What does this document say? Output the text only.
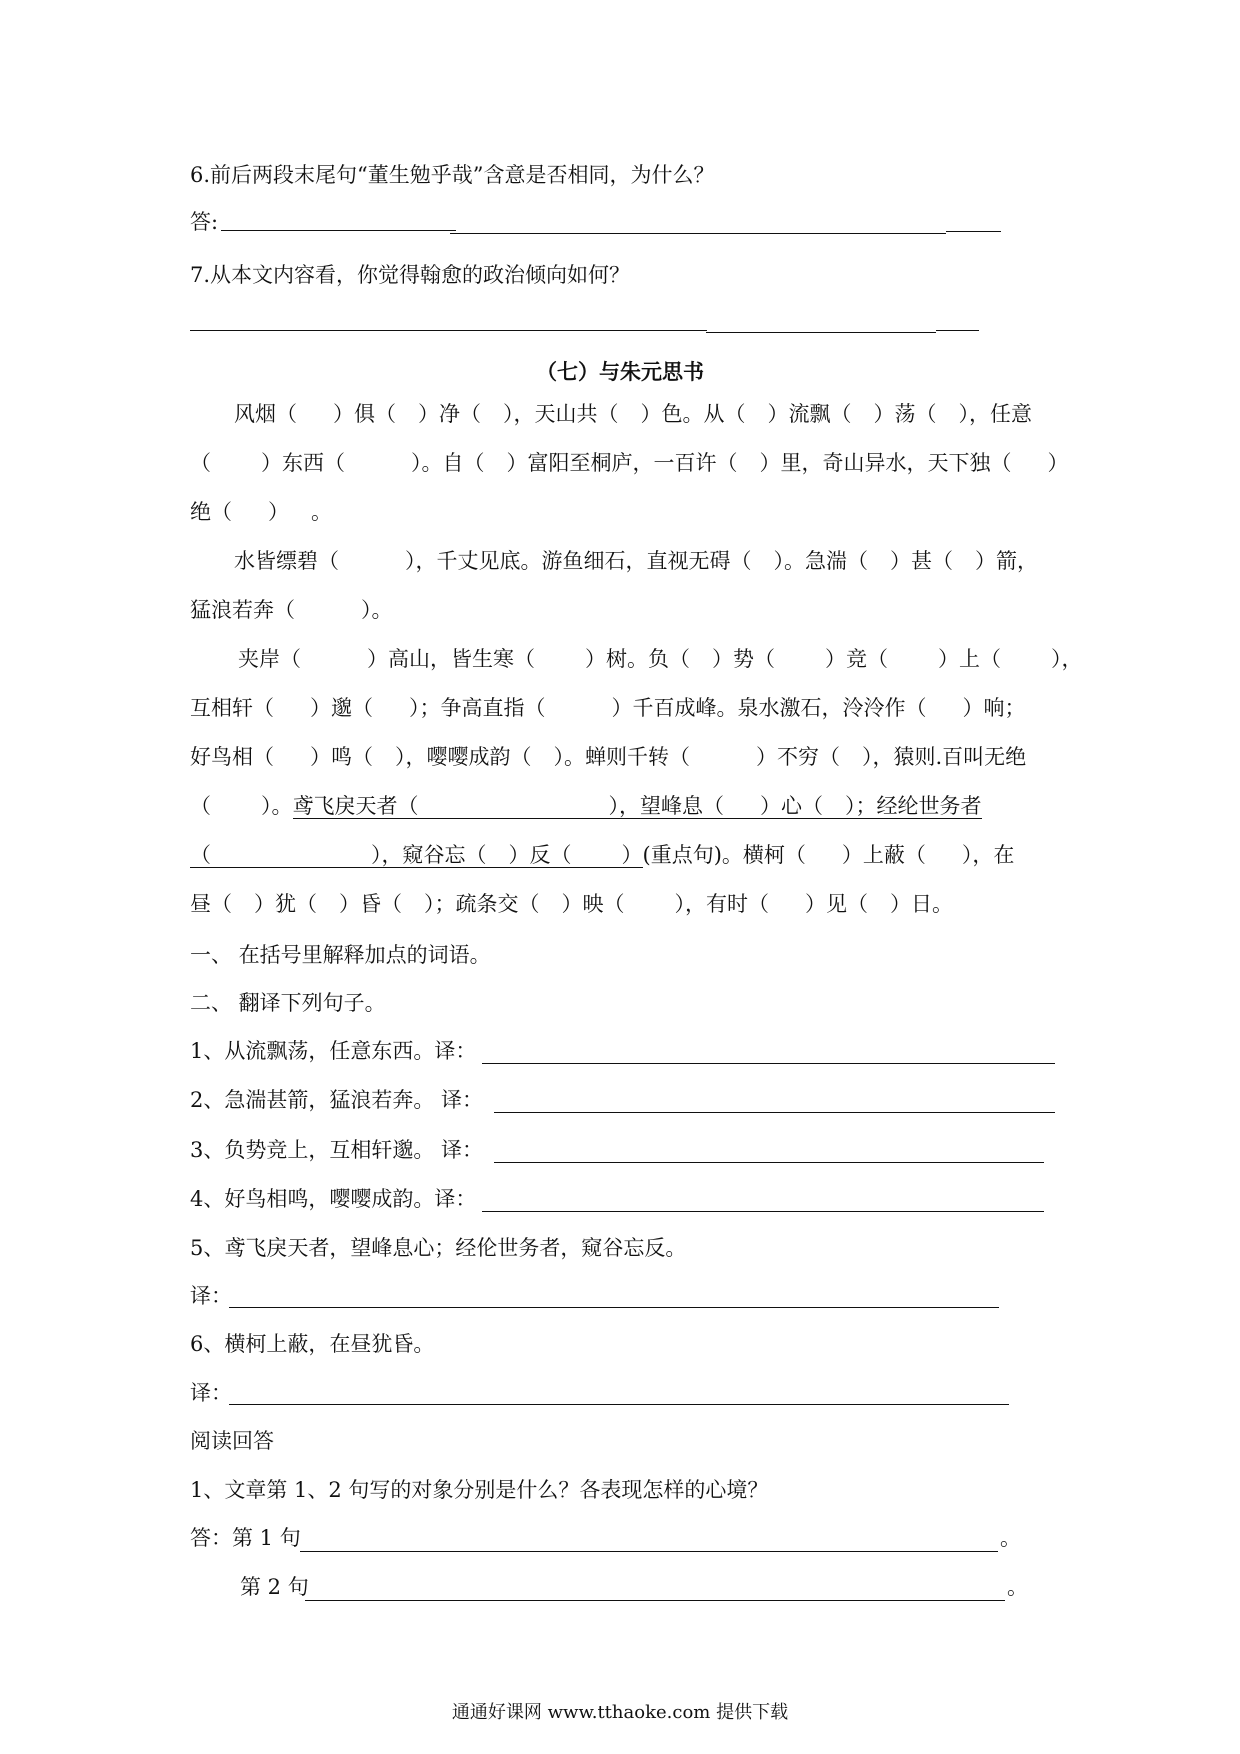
6.前后两段末尾句“董生勉乎哉”含意是否相同，为什么？
答:
7.从本文内容看，你觉得翰愈的政治倾向如何？
（七）与朱元思书
风烟（ ）俱（ ）净（ ），天山共（ ）色。从（ ）流飘（ ）荡（ ），任意
（ ）东西（	）。自（ ）富阳至桐庐，一百许（ ）里，奇山异水，天下独（ ）
绝（ ） 。
水皆缥碧（	），千丈见底。游鱼细石，直视无碍（ ）。急湍（ ）甚（ ）箭，
猛浪若奔（	）。
夹岸（	）高山，皆生寒（ ）树。负（ ）势（ ）竞（ ）上（ ），
互相轩（ ）邈（ ）；争高直指（	）千百成峰。泉水激石，泠泠作（ ）响；
好鸟相（ ）鸣（ ），嘤嘤成韵（ ）。蝉则千转（	）不穷（ ），猿则.百叫无绝
（ ）。鸢飞戾天者（	），望峰息（ ）心（ ）；经纶世务者
（	），窥谷忘（ ）反（ ）(重点句)。横柯（ ）上蔽（ ），在
昼（ ）犹（ ）昏（ ）；疏条交（ ）映（ ），有时（ ）见（ ）日。
一、 在括号里解释加点的词语。
二、 翻译下列句子。
1、从流飘荡，任意东西。译：
2、急湍甚箭，猛浪若奔。 译：
3、负势竞上，互相轩邈。 译：
4、好鸟相鸣，嘤嘤成韵。译：
5、鸢飞戾天者，望峰息心；经伦世务者，窥谷忘反。
译：
6、横柯上蔽，在昼犹昏。
译：
阅读回答
1、文章第 1、2 句写的对象分别是什么？各表现怎样的心境？
答：第 1 句	。
第 2 句	。
通通好课网 www.tthaoke.com 提供下载
